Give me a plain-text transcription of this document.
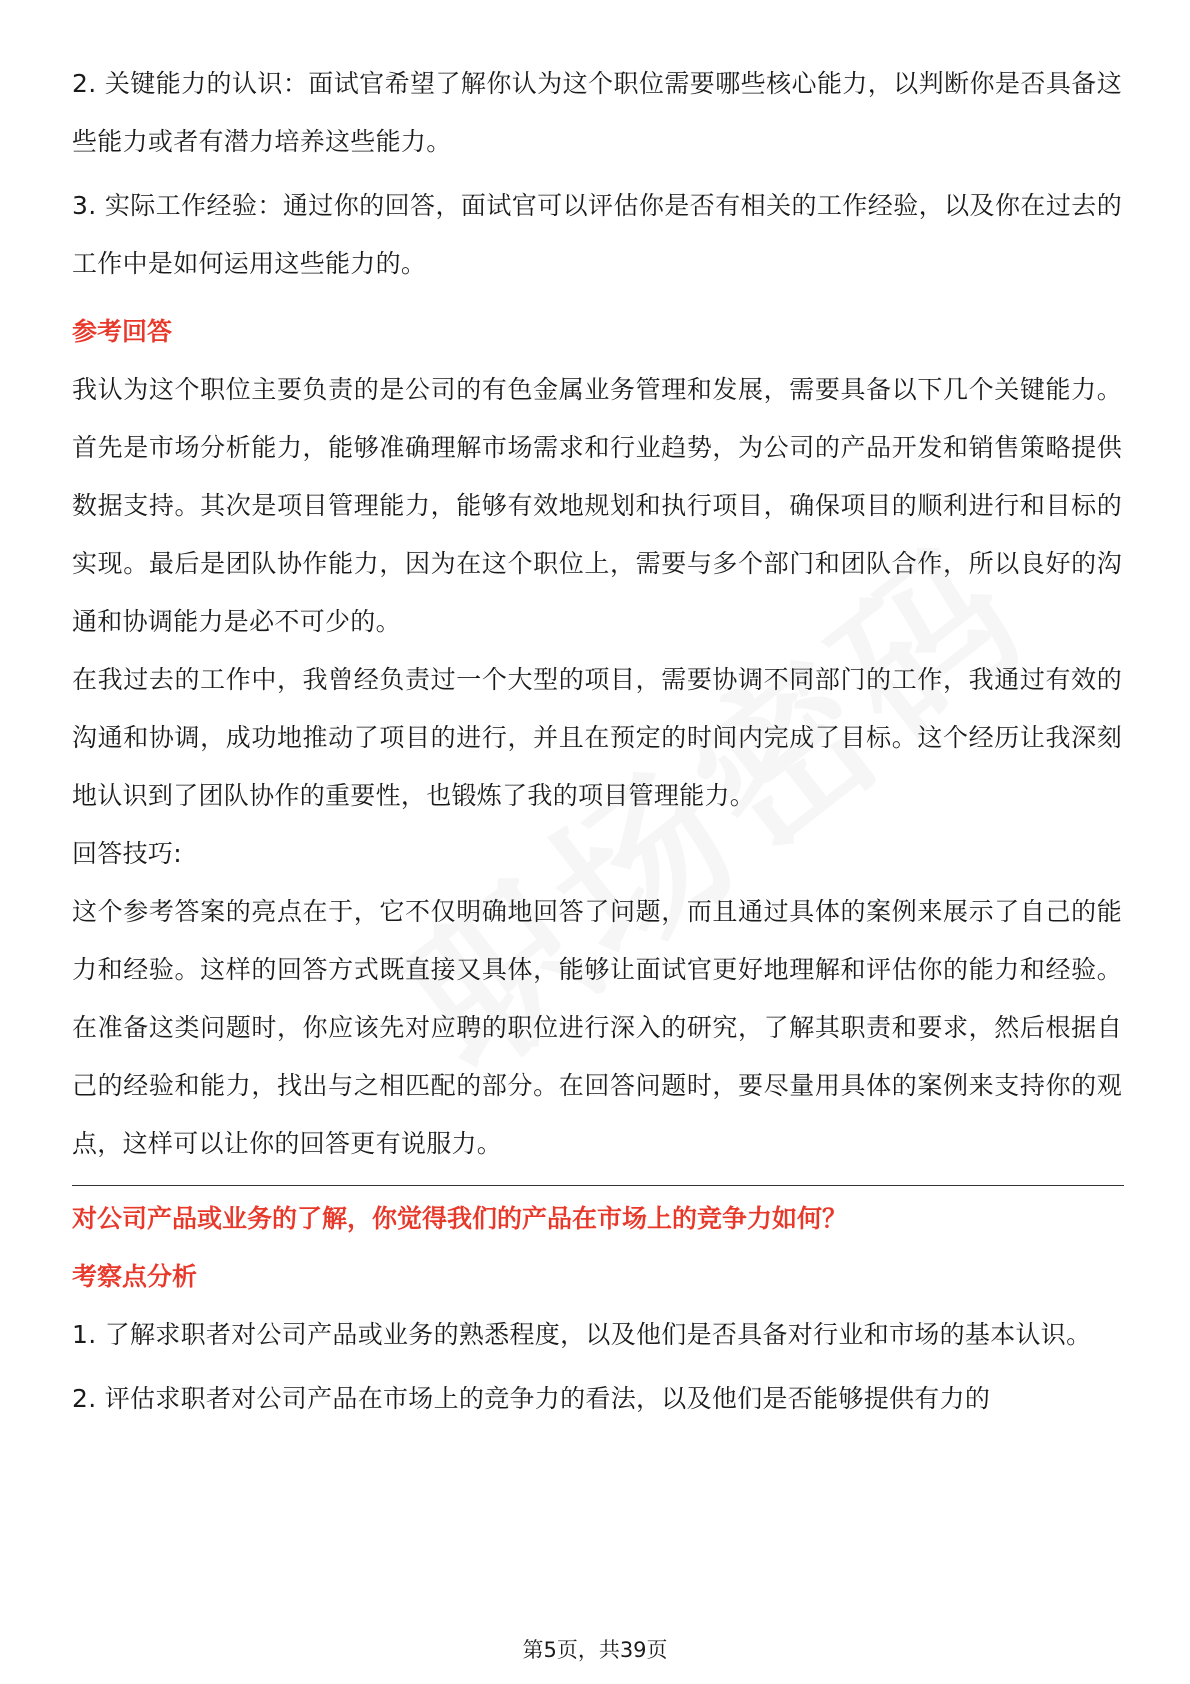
2. 关键能力的认识：面试官希望了解你认为这个职位需要哪些核心能力，以判断你是否具备这些能力或者有潜力培养这些能力。

3. 实际工作经验：通过你的回答，面试官可以评估你是否有相关的工作经验，以及你在过去的工作中是如何运用这些能力的。

参考回答

我认为这个职位主要负责的是公司的有色金属业务管理和发展，需要具备以下几个关键能力。首先是市场分析能力，能够准确理解市场需求和行业趋势，为公司的产品开发和销售策略提供数据支持。其次是项目管理能力，能够有效地规划和执行项目，确保项目的顺利进行和目标的实现。最后是团队协作能力，因为在这个职位上，需要与多个部门和团队合作，所以良好的沟通和协调能力是必不可少的。

在我过去的工作中，我曾经负责过一个大型的项目，需要协调不同部门的工作，我通过有效的沟通和协调，成功地推动了项目的进行，并且在预定的时间内完成了目标。这个经历让我深刻地认识到了团队协作的重要性，也锻炼了我的项目管理能力。

回答技巧:

这个参考答案的亮点在于，它不仅明确地回答了问题，而且通过具体的案例来展示了自己的能力和经验。这样的回答方式既直接又具体，能够让面试官更好地理解和评估你的能力和经验。在准备这类问题时，你应该先对应聘的职位进行深入的研究，了解其职责和要求，然后根据自己的经验和能力，找出与之相匹配的部分。在回答问题时，要尽量用具体的案例来支持你的观点，这样可以让你的回答更有说服力。

对公司产品或业务的了解，你觉得我们的产品在市场上的竞争力如何？

考察点分析

1. 了解求职者对公司产品或业务的熟悉程度，以及他们是否具备对行业和市场的基本认识。

2. 评估求职者对公司产品在市场上的竞争力的看法，以及他们是否能够提供有力的

第5页，共39页
